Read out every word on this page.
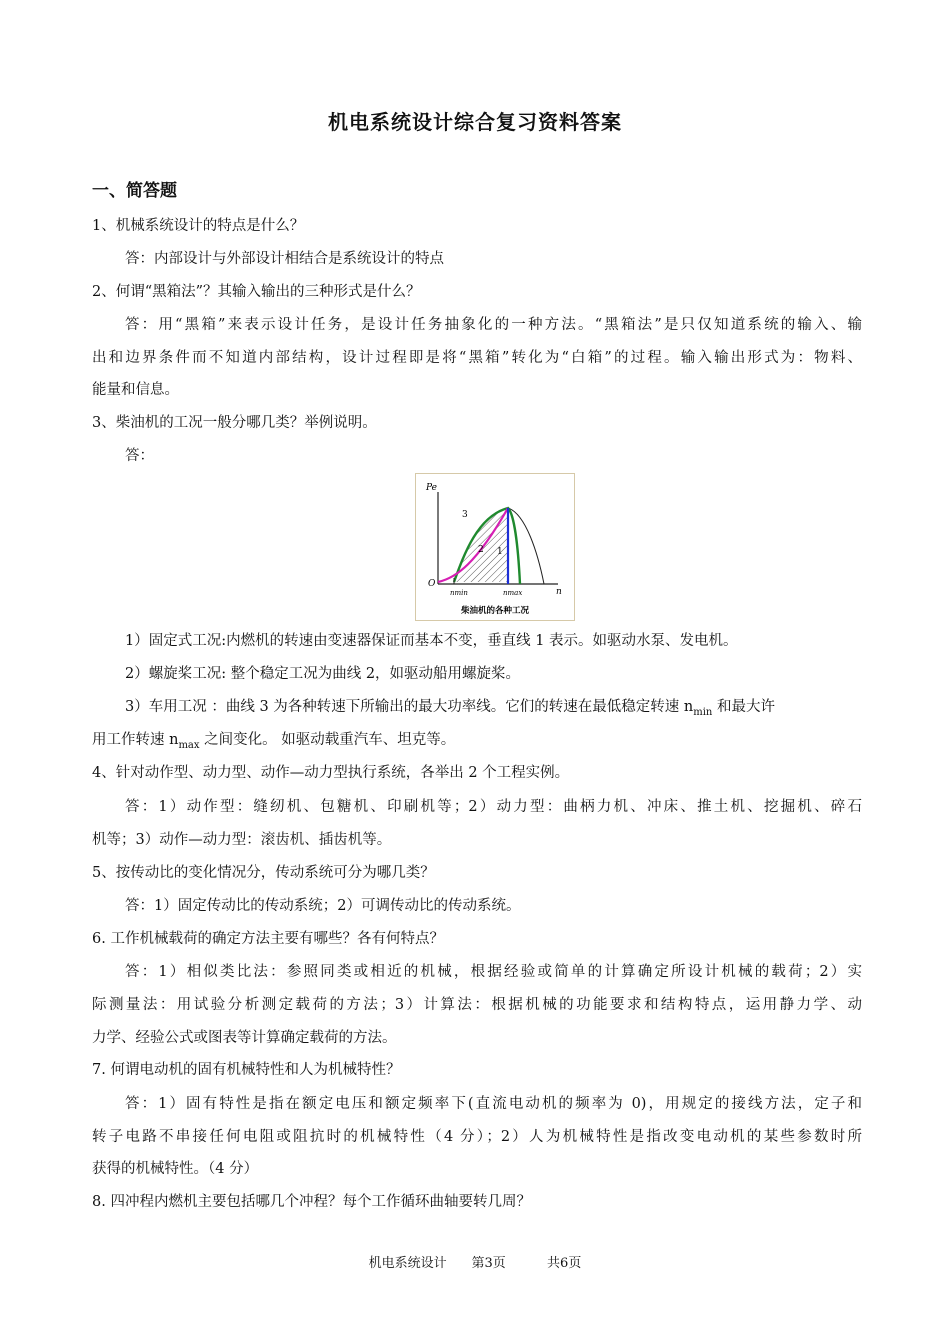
机电系统设计综合复习资料答案
一、简答题
1、机械系统设计的特点是什么？
答：内部设计与外部设计相结合是系统设计的特点
2、何谓“黑箱法”？其输入输出的三种形式是什么？
答：用“黑箱”来表示设计任务，是设计任务抽象化的一种方法。“黑箱法”是只仅知道系统的输入、输
出和边界条件而不知道内部结构，设计过程即是将“黑箱”转化为“白箱”的过程。输入输出形式为：物料、
能量和信息。
3、柴油机的工况一般分哪几类？举例说明。
答：
Pe
n
O
3
2 1
nmin	nmax
柴油机的各种工况
1）固定式工况:内燃机的转速由变速器保证而基本不变，垂直线 1 表示。如驱动水泵、发电机。
2）螺旋桨工况: 整个稳定工况为曲线 2，如驱动船用螺旋桨。
3）车用工况 ：曲线 3 为各种转速下所输出的最大功率线。它们的转速在最低稳定转速 $n_{min}$ 和最大许
用工作转速 $n_{max}$ 之间变化。 如驱动载重汽车、坦克等。
4、针对动作型、动力型、动作—动力型执行系统，各举出 2 个工程实例。
答：1）动作型：缝纫机、包糖机、印刷机等；2）动力型：曲柄力机、冲床、推土机、挖掘机、碎石
机等；3）动作—动力型：滚齿机、插齿机等。
5、按传动比的变化情况分，传动系统可分为哪几类？
答：1）固定传动比的传动系统；2）可调传动比的传动系统。
6. 工作机械载荷的确定方法主要有哪些？各有何特点？
答：1）相似类比法：参照同类或相近的机械，根据经验或简单的计算确定所设计机械的载荷；2）实
际测量法：用试验分析测定载荷的方法；3）计算法：根据机械的功能要求和结构特点，运用静力学、动
力学、经验公式或图表等计算确定载荷的方法。
7. 何谓电动机的固有机械特性和人为机械特性？
答：1）固有特性是指在额定电压和额定频率下(直流电动机的频率为 0)，用规定的接线方法，定子和
转子电路不串接任何电阻或阻抗时的机械特性（4 分）；2）人为机械特性是指改变电动机的某些参数时所
获得的机械特性。（4 分）
8. 四冲程内燃机主要包括哪几个冲程？每个工作循环曲轴要转几周？
机电系统设计      第3页          共6页
